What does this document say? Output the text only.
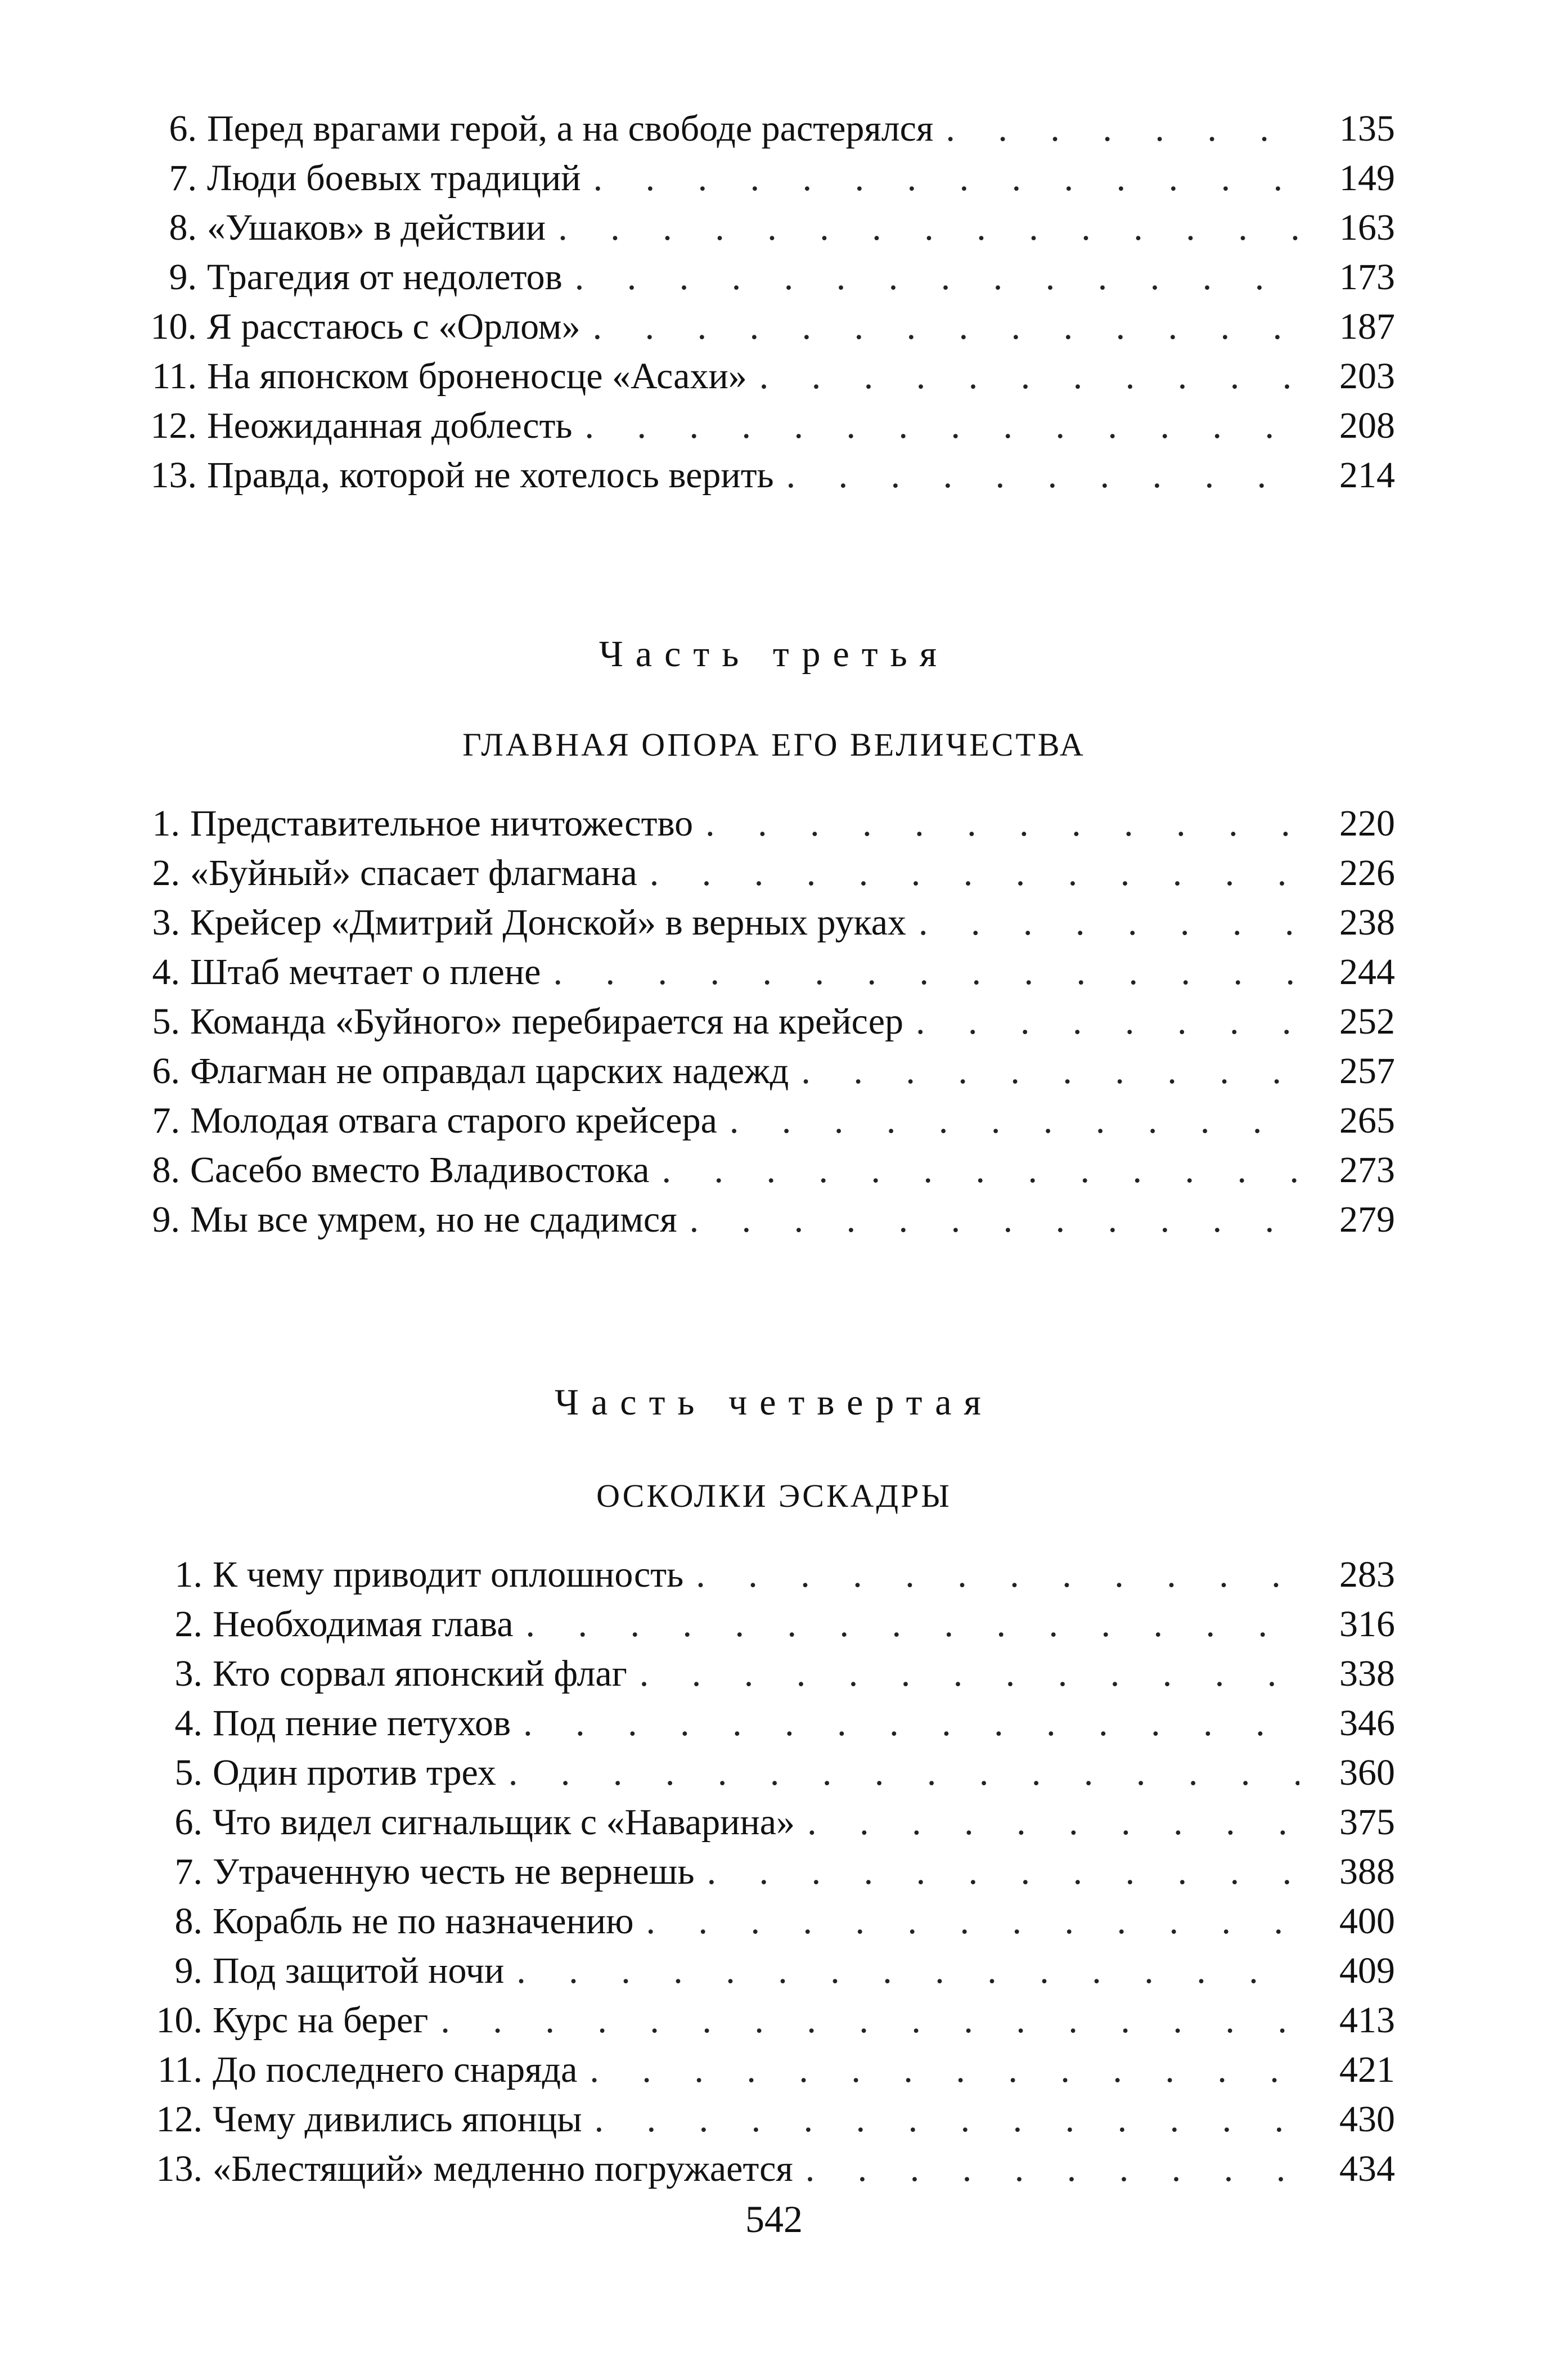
6. Перед врагами герой, а на свободе растерялся . . .	135
7. Люди боевых традиций . . .	149
8. «Ушаков» в действии . . .	163
9. Трагедия от недолетов . . .	173
10. Я расстаюсь с «Орлом» . . .	187
11. На японском броненосце «Асахи» . . .	203
12. Неожиданная доблесть . . .	208
13. Правда, которой не хотелось верить . . .	214
Часть третья
ГЛАВНАЯ ОПОРА ЕГО ВЕЛИЧЕСТВА
1. Представительное ничтожество . . .	220
2. «Буйный» спасает флагмана . . .	226
3. Крейсер «Дмитрий Донской» в верных руках . . .	238
4. Штаб мечтает о плене . . .	244
5. Команда «Буйного» перебирается на крейсер . . .	252
6. Флагман не оправдал царских надежд . . .	257
7. Молодая отвага старого крейсера . . .	265
8. Сасебо вместо Владивостока . . .	273
9. Мы все умрем, но не сдадимся . . .	279
Часть четвертая
ОСКОЛКИ ЭСКАДРЫ
1. К чему приводит оплошность . . .	283
2. Необходимая глава . . .	316
3. Кто сорвал японский флаг . . .	338
4. Под пение петухов . . .	346
5. Один против трех . . .	360
6. Что видел сигнальщик с «Наварина» . . .	375
7. Утраченную честь не вернешь . . .	388
8. Корабль не по назначению . . .	400
9. Под защитой ночи . . .	409
10. Курс на берег . . .	413
11. До последнего снаряда . . .	421
12. Чему дивились японцы . . .	430
13. «Блестящий» медленно погружается . . .	434
542
